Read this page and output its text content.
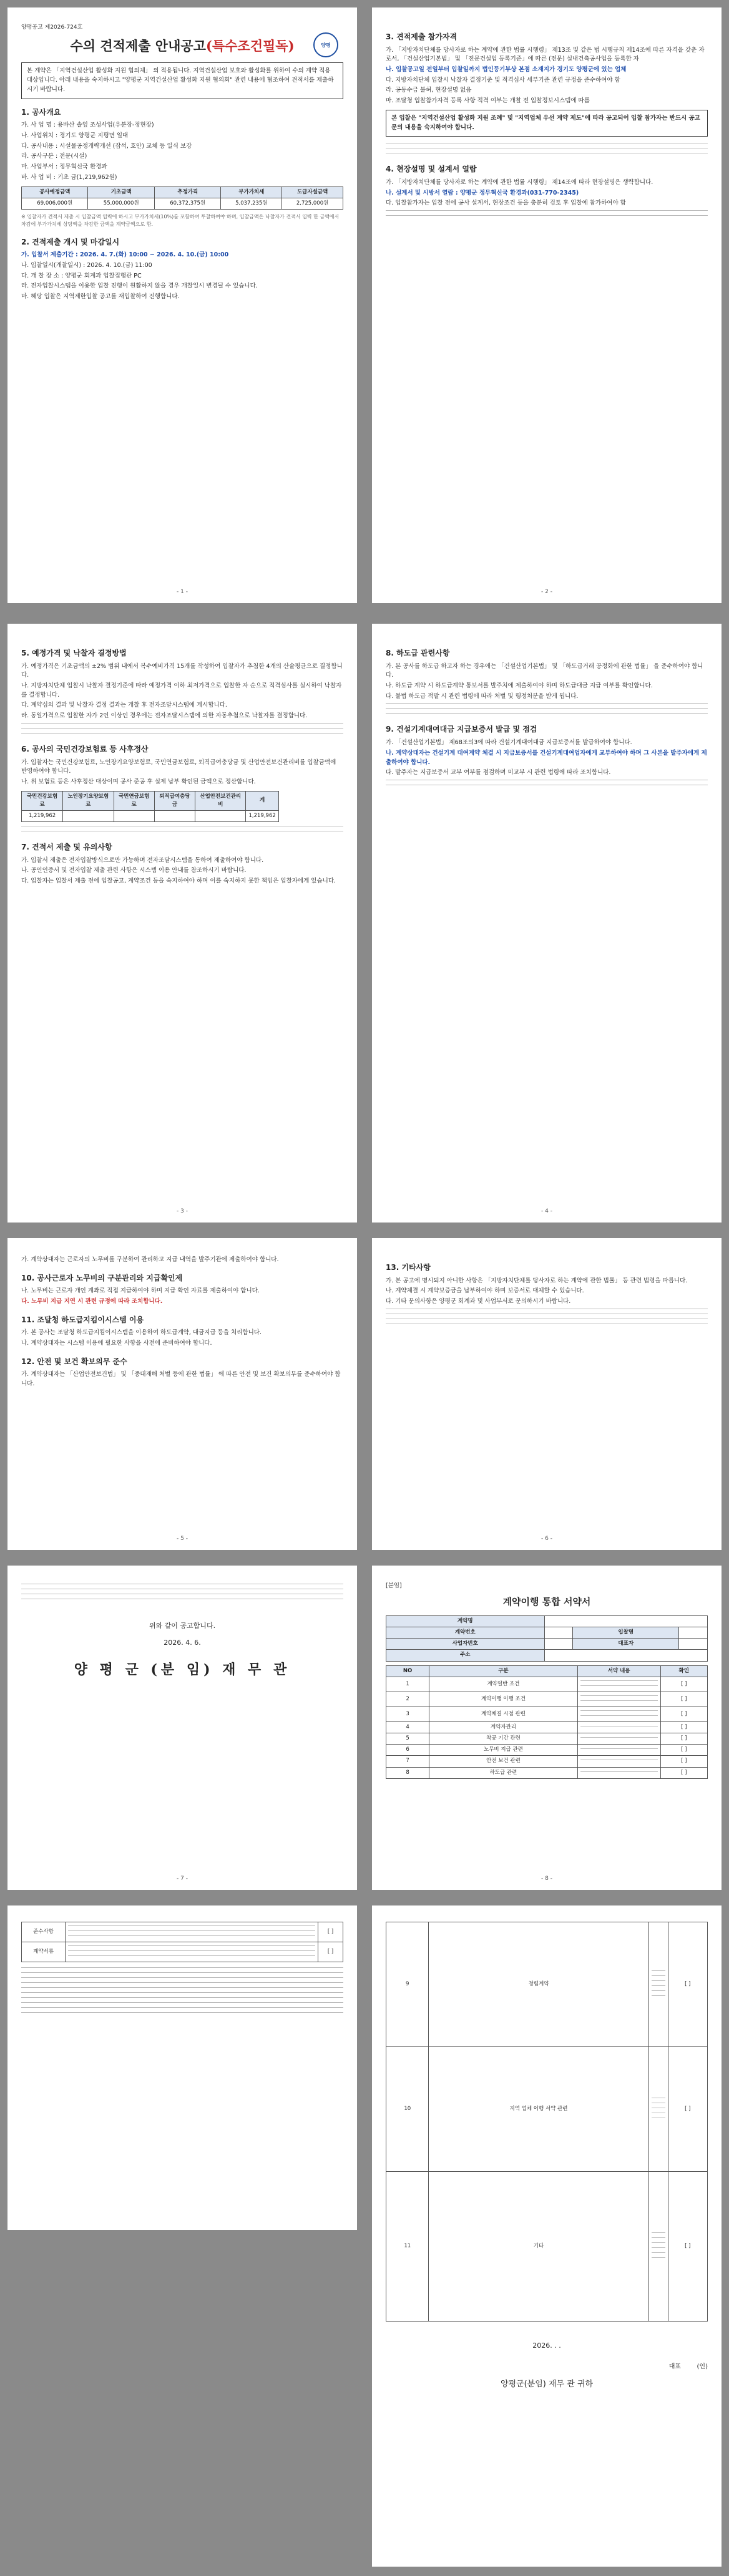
양평공고 제2026-724호
수의 견적제출 안내공고(특수조건필독)	양평
본 계약은 「지역건설산업 활성화 지원 협의체」 의 적용됩니다. 지역건설산업 보호와 활성화를 위하여 수의 계약 적용 대상입니다. 아래 내용을 숙지하시고 "양평군 지역건설산업 활성화 지원 협의회" 관련 내용에 협조하여 견적서를 제출하시기 바랍니다.
1. 공사개요

가. 사 업 명 : 용바산 솔잎 조성사업(우분장-정현장)

나. 사업위치 : 경기도 양평군 지평면 일대

다. 공사내용 : 시설물공정개략개선 (잡석, 호안) 교체 등 일식 보강

라. 공사구분 : 전문(시설)

마. 사업부서 : 정무혁신국 환경과

바. 사 업 비 : 기초 금(1,219,962원)

공사예정금액	기초금액	추정가격	부가가치세	도급자설금액
69,006,000원	55,000,000원	60,372,375원	5,037,235원	2,725,000원

※ 입찰자가 견적서 제출 시 입찰금액 입력에 하시고 부가가치세(10%)를 포함하여 투찰하여야 하며, 입찰금액은 낙찰자가 견적서 입력 한 금액에서 차감에 부가가치세 상당액을 차감한 금액을 계약금액으로 함.

2. 견적제출 개시 및 마감일시

가. 입찰서 제출기간 : 2026. 4. 7.(화) 10:00 ~ 2026. 4. 10.(금) 10:00

나. 입찰일시(개찰일시) : 2026. 4. 10.(금) 11:00

다. 개 찰 장 소 : 양평군 회계과 입찰집행관 PC

라. 전자입찰시스템을 이용한 입찰 진행이 원활하지 않을 경우 개찰일시 변경될 수 있습니다.

마. 해당 입찰은 지역제한입찰 공고를 재입찰하여 진행합니다.

- 1 -
3. 견적제출 참가자격

가. 「지방자치단체를 당사자로 하는 계약에 관한 법률 시행령」 제13조 및 같은 법 시행규칙 제14조에 따른 자격을 갖춘 자로서, 「건설산업기본법」 및 「전문건설업 등록기준」에 따른 (전문) 실내건축공사업을 등록한 자

나. 입찰공고일 전일부터 입찰일까지 법인등기부상 본점 소재지가 경기도 양평군에 있는 업체

다. 지방자치단체 입찰시 낙찰자 결정기준 및 적격심사 세부기준 관련 규정을 준수하여야 함

라. 공동수급 불허, 현장설명 없음

마. 조달청 입찰참가자격 등록 사항 적격 여부는 개찰 전 입찰정보시스템에 따름

본 입찰은 "지역건설산업 활성화 지원 조례" 및 "지역업체 우선 계약 제도"에 따라 공고되어 입찰 참가자는 반드시 공고문의 내용을 숙지하여야 합니다.
4. 현장설명 및 설계서 열람

가. 「지방자치단체를 당사자로 하는 계약에 관한 법률 시행령」 제14조에 따라 현장설명은 생략합니다.

나. 설계서 및 시방서 열람 : 양평군 정무혁신국 환경과(031-770-2345)

다. 입찰참가자는 입찰 전에 공사 설계서, 현장조건 등을 충분히 검토 후 입찰에 참가하여야 함

- 2 -
5. 예정가격 및 낙찰자 결정방법

가. 예정가격은 기초금액의 ±2% 범위 내에서 복수예비가격 15개를 작성하여 입찰자가 추첨한 4개의 산술평균으로 결정합니다.

나. 지방자치단체 입찰시 낙찰자 결정기준에 따라 예정가격 이하 최저가격으로 입찰한 자 순으로 적격심사를 실시하여 낙찰자를 결정합니다.

다. 계약심의 결과 및 낙찰자 결정 결과는 개찰 후 전자조달시스템에 게시합니다.

라. 동일가격으로 입찰한 자가 2인 이상인 경우에는 전자조달시스템에 의한 자동추첨으로 낙찰자를 결정합니다.

6. 공사의 국민건강보험료 등 사후정산

가. 입찰자는 국민건강보험료, 노인장기요양보험료, 국민연금보험료, 퇴직급여충당금 및 산업안전보건관리비를 입찰금액에 반영하여야 합니다.

나. 위 보험료 등은 사후정산 대상이며 공사 준공 후 실제 납부 확인된 금액으로 정산합니다.

국민건강보험료	노인장기요양보험료	국민연금보험료	퇴직급여충당금	산업안전보건관리비	계
1,219,962					1,219,962
7. 견적서 제출 및 유의사항

가. 입찰서 제출은 전자입찰방식으로만 가능하며 전자조달시스템을 통하여 제출하여야 합니다.

나. 공인인증서 및 전자입찰 제출 관련 사항은 시스템 이용 안내를 참조하시기 바랍니다.

다. 입찰자는 입찰서 제출 전에 입찰공고, 계약조건 등을 숙지하여야 하며 이를 숙지하지 못한 책임은 입찰자에게 있습니다.

- 3 -
8. 하도급 관련사항

가. 본 공사를 하도급 하고자 하는 경우에는 「건설산업기본법」 및 「하도급거래 공정화에 관한 법률」 을 준수하여야 합니다.

나. 하도급 계약 시 하도급계약 통보서를 발주처에 제출하여야 하며 하도급대금 지급 여부를 확인합니다.

다. 불법 하도급 적발 시 관련 법령에 따라 처벌 및 행정처분을 받게 됩니다.

9. 건설기계대여대금 지급보증서 발급 및 점검

가. 「건설산업기본법」 제68조의3에 따라 건설기계대여대금 지급보증서를 발급하여야 합니다.

나. 계약상대자는 건설기계 대여계약 체결 시 지급보증서를 건설기계대여업자에게 교부하여야 하며 그 사본을 발주자에게 제출하여야 합니다.

다. 발주자는 지급보증서 교부 여부를 점검하며 미교부 시 관련 법령에 따라 조치합니다.

- 4 -

가. 계약상대자는 근로자의 노무비를 구분하여 관리하고 지급 내역을 발주기관에 제출하여야 합니다.

10. 공사근로자 노무비의 구분관리와 지급확인제

나. 노무비는 근로자 개인 계좌로 직접 지급하여야 하며 지급 확인 자료를 제출하여야 합니다.

다. 노무비 지급 지연 시 관련 규정에 따라 조치합니다.

11. 조달청 하도급지킴이시스템 이용

가. 본 공사는 조달청 하도급지킴이시스템을 이용하여 하도급계약, 대금지급 등을 처리합니다.

나. 계약상대자는 시스템 이용에 필요한 사항을 사전에 준비하여야 합니다.

12. 안전 및 보건 확보의무 준수

가. 계약상대자는 「산업안전보건법」 및 「중대재해 처벌 등에 관한 법률」 에 따른 안전 및 보건 확보의무를 준수하여야 합니다.

- 5 -
13. 기타사항

가. 본 공고에 명시되지 아니한 사항은 「지방자치단체를 당사자로 하는 계약에 관한 법률」 등 관련 법령을 따릅니다.

나. 계약체결 시 계약보증금을 납부하여야 하며 보증서로 대체할 수 있습니다.

다. 기타 문의사항은 양평군 회계과 및 사업부서로 문의하시기 바랍니다.

- 6 -

위와 같이 공고합니다.

2026. 4. 6.

양 평 군 (분 임) 재 무 관
- 7 -
[붙임]
계약이행 통합 서약서
계약명			
계약번호		입찰명	
사업자번호		대표자	
주소			
NO	구분	서약 내용	확인
1	계약일반 조건		[ ]
2	계약이행 이행 조건		[ ]
3	계약체결 시점 관련		[ ]
4	계약자관리		[ ]
5	착공 기간 관련		[ ]
6	노무비 지급 관련		[ ]
7	안전 보건 관련		[ ]
8	하도급 관련		[ ]
- 8 -
준수사항		[ ]
계약서류		[ ]
9	청렴계약		[ ]
10	지역 업체 이행 서약 관련		[ ]
11	기타		[ ]

2026. . .

대표	(인)
양평군(분임) 재무 관 귀하
